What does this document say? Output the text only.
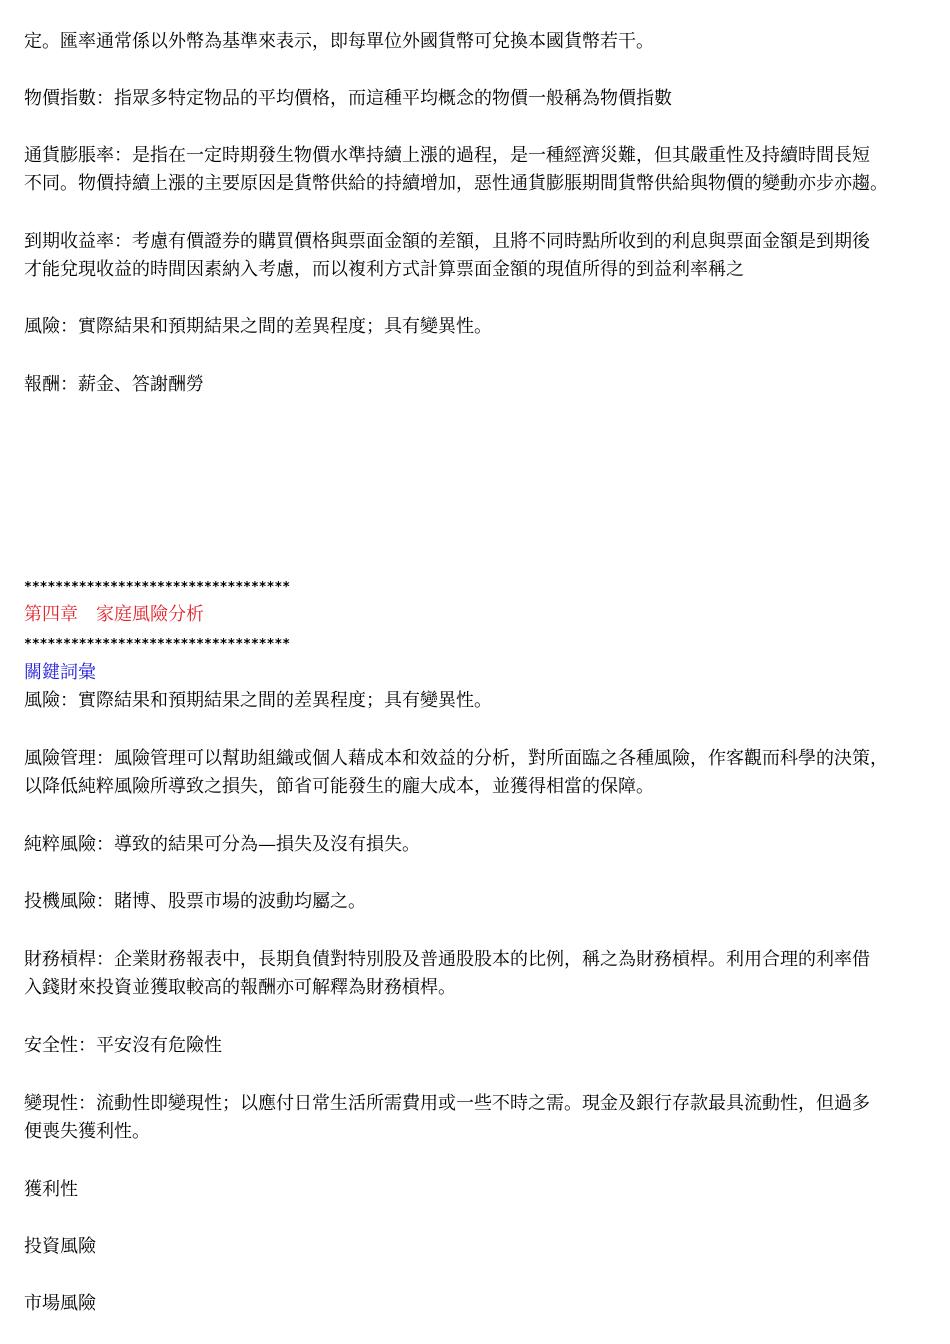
定。匯率通常係以外幣為基準來表示，即每單位外國貨幣可兌換本國貨幣若干。
物價指數：指眾多特定物品的平均價格，而這種平均概念的物價一般稱為物價指數
通貨膨脹率：是指在一定時期發生物價水準持續上漲的過程，是一種經濟災難，但其嚴重性及持續時間長短
不同。物價持續上漲的主要原因是貨幣供給的持續增加，惡性通貨膨脹期間貨幣供給與物價的變動亦步亦趨。
到期收益率：考慮有價證券的購買價格與票面金額的差額，且將不同時點所收到的利息與票面金額是到期後
才能兌現收益的時間因素納入考慮，而以複利方式計算票面金額的現值所得的到益利率稱之
風險：實際結果和預期結果之間的差異程度；具有變異性。
報酬：薪金、答謝酬勞
**********************************
第四章　家庭風險分析
**********************************
關鍵詞彙
風險：實際結果和預期結果之間的差異程度；具有變異性。
風險管理：風險管理可以幫助組織或個人藉成本和效益的分析，對所面臨之各種風險，作客觀而科學的決策，
以降低純粹風險所導致之損失，節省可能發生的龐大成本，並獲得相當的保障。
純粹風險：導致的結果可分為—損失及沒有損失。
投機風險：賭博、股票市場的波動均屬之。
財務槓桿：企業財務報表中，長期負債對特別股及普通股股本的比例，稱之為財務槓桿。利用合理的利率借
入錢財來投資並獲取較高的報酬亦可解釋為財務槓桿。
安全性：平安沒有危險性
變現性：流動性即變現性；以應付日常生活所需費用或一些不時之需。現金及銀行存款最具流動性，但過多
便喪失獲利性。
獲利性
投資風險
市場風險
